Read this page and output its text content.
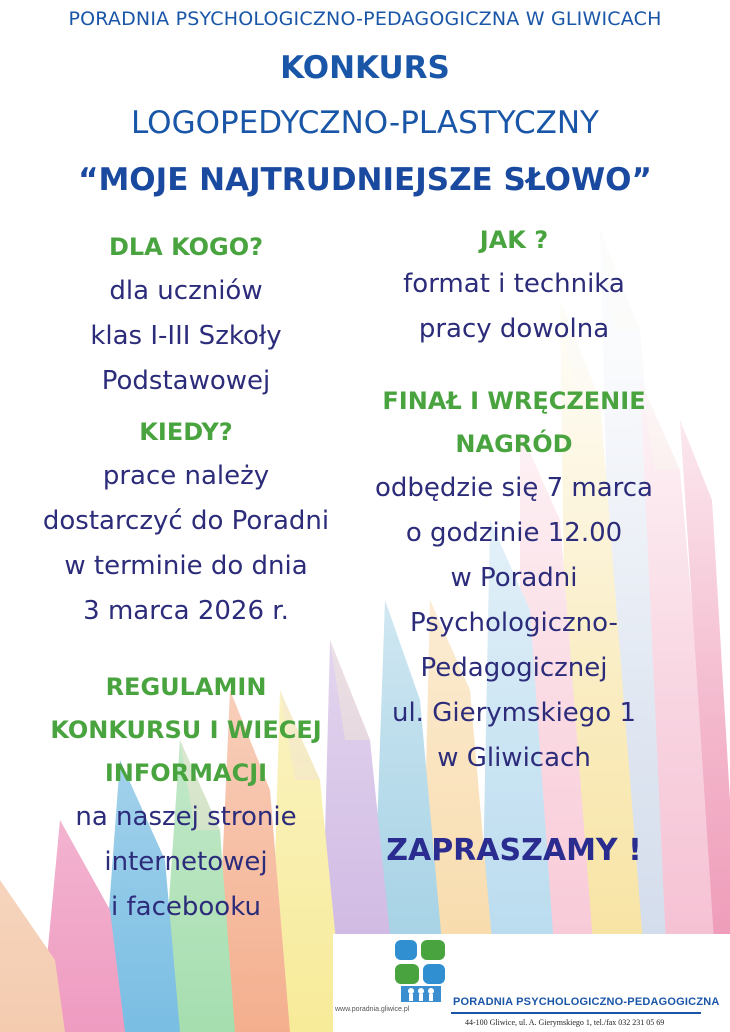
PORADNIA PSYCHOLOGICZNO-PEDAGOGICZNA W GLIWICACH
KONKURS
LOGOPEDYCZNO-PLASTYCZNY
“MOJE NAJTRUDNIEJSZE SŁOWO”
DLA KOGO?
dla uczniów
klas I-III Szkoły
Podstawowej
KIEDY?
prace należy
dostarczyć do Poradni
w terminie do dnia
3 marca 2026 r.
REGULAMIN
KONKURSU I WIECEJ
INFORMACJI
na naszej stronie
internetowej
i facebooku
JAK ?
format i technika
pracy dowolna
FINAŁ I WRĘCZENIE
NAGRÓD
odbędzie się 7 marca
o godzinie 12.00
w Poradni
Psychologiczno-
Pedagogicznej
ul. Gierymskiego 1
w Gliwicach
ZAPRASZAMY !
www.poradnia.gliwice.pl
PORADNIA PSYCHOLOGICZNO-PEDAGOGICZNA
44-100 Gliwice, ul. A. Gierymskiego 1, tel./fax 032 231 05 69
